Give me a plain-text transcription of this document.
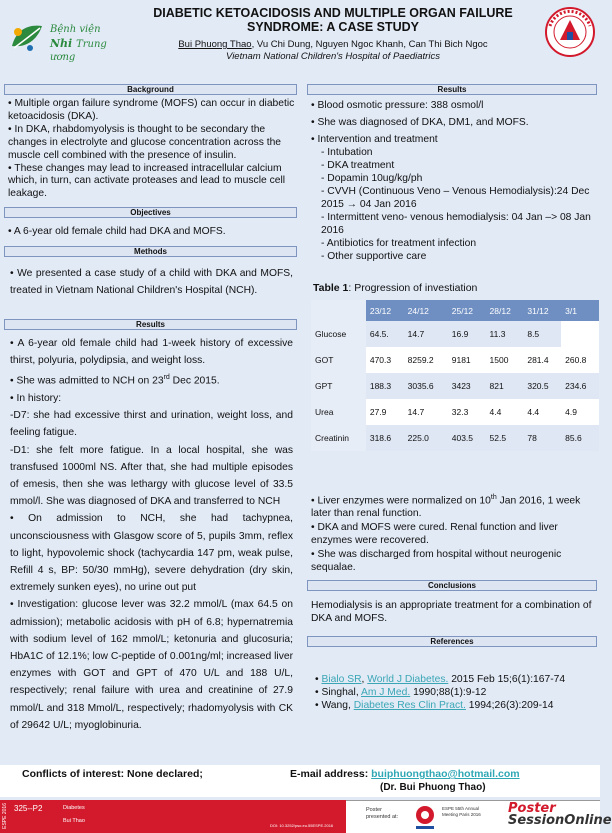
Bệnh viện
Nhi Trung ương
DIABETIC KETOACIDOSIS AND MULTIPLE ORGAN FAILURE
SYNDROME: A CASE STUDY
Bui Phuong Thao, Vu Chi Dung, Nguyen Ngoc Khanh, Can Thi Bich Ngoc
Vietnam National Children's Hospital of Paediatrics
Background

• Multiple organ failure syndrome (MOFS) can occur in diabetic ketoacidosis (DKA).

• In DKA, rhabdomyolysis is thought to be secondary the changes in electrolyte and glucose concentration across the muscle cell combined with the presence of insulin.

• These changes may lead to increased intracellular calcium which, in turn, can activate proteases and lead to muscle cell leakage.

Objectives
• A 6-year old female child had DKA and MOFS.
Methods
• We presented a case study of a child with DKA and MOFS, treated in Vietnam National Children's Hospital (NCH).
Results

• A 6-year old female child had 1-week history of excessive thirst, polyuria, polydipsia, and weight loss.

• She was admitted to NCH on 23rd Dec 2015.

• In history:

-D7: she had excessive thirst and urination, weight loss, and feeling fatigue.

-D1: she felt more fatigue. In a local hospital, she was transfused 1000ml NS. After that, she had multiple episodes of emesis, then she was lethargy with glucose level of 33.5 mmol/l. She was diagnosed of DKA and transferred to NCH

• On admission to NCH, she had tachypnea, unconsciousness with Glasgow score of 5, pupils 3mm, reflex to light, hypovolemic shock (tachycardia 147 pm, weak pulse, Refill 4 s, BP: 50/30 mmHg), severe dehydration (dry skin, extremely sunken eyes), no urine out put

• Investigation: glucose lever was 32.2 mmol/L (max 64.5 on admission); metabolic acidosis with pH of 6.8; hypernatremia with sodium level of 162 mmol/L; ketonuria and glucosuria; HbA1C of 12.1%; low C-peptide of 0.001ng/ml; increased liver enzymes with GOT and GPT of 470 U/L and 188 U/L, respectively; renal failure with urea and creatinine of 27.9 mmol/L and 318 Mmol/L, respectively; rhadomyolysis with CK of 29642 U/L; myoglobinuria.

Results

• Blood osmotic pressure: 388 osmol/l

• She was diagnosed of DKA, DM1, and MOFS.

• Intervention and treatment

- Intubation

- DKA treatment

- Dopamin 10ug/kg/ph

- CVVH (Continuous Veno – Venous Hemodialysis):24 Dec 2015 → 04 Jan 2016

- Intermittent veno- venous hemodialysis: 04 Jan –> 08 Jan 2016

- Antibiotics for treatment infection

- Other supportive care

Table 1: Progression of investiation
	23/12	24/12	25/12	28/12	31/12	3/1
Glucose	64.5.	14.7	16.9	11.3	8.5	
GOT	470.3	8259.2	9181	1500	281.4	260.8
GPT	188.3	3035.6	3423	821	320.5	234.6
Urea	27.9	14.7	32.3	4.4	4.4	4.9
Creatinin	318.6	225.0	403.5	52.5	78	85.6

• Liver enzymes were normalized on 10th Jan 2016, 1 week later than renal function.

• DKA and MOFS were cured. Renal function and liver enzymes were recovered.

• She was discharged from hospital without neurogenic sequalae.

Conclusions
Hemodialysis is an appropriate treatment for a combination of DKA and MOFS.
References

• Bialo SR, World J Diabetes. 2015 Feb 15;6(1):167-74

• Singhal, Am J Med. 1990;88(1):9-12

• Wang, Diabetes Res Clin Pract. 1994;26(3):209-14

Conflicts of interest: None declared;	E-mail address: buiphuongthao@hotmail.com
(Dr. Bui Phuong Thao)
ESPE 2016 325--P2	Diabetes
Bui Thao
DOI: 10.3252/pso.eu.55ESPE.2016
Poster
presented at:
ESPE 55th Annual Meeting Paris 2016	Poster
SessionOnline
